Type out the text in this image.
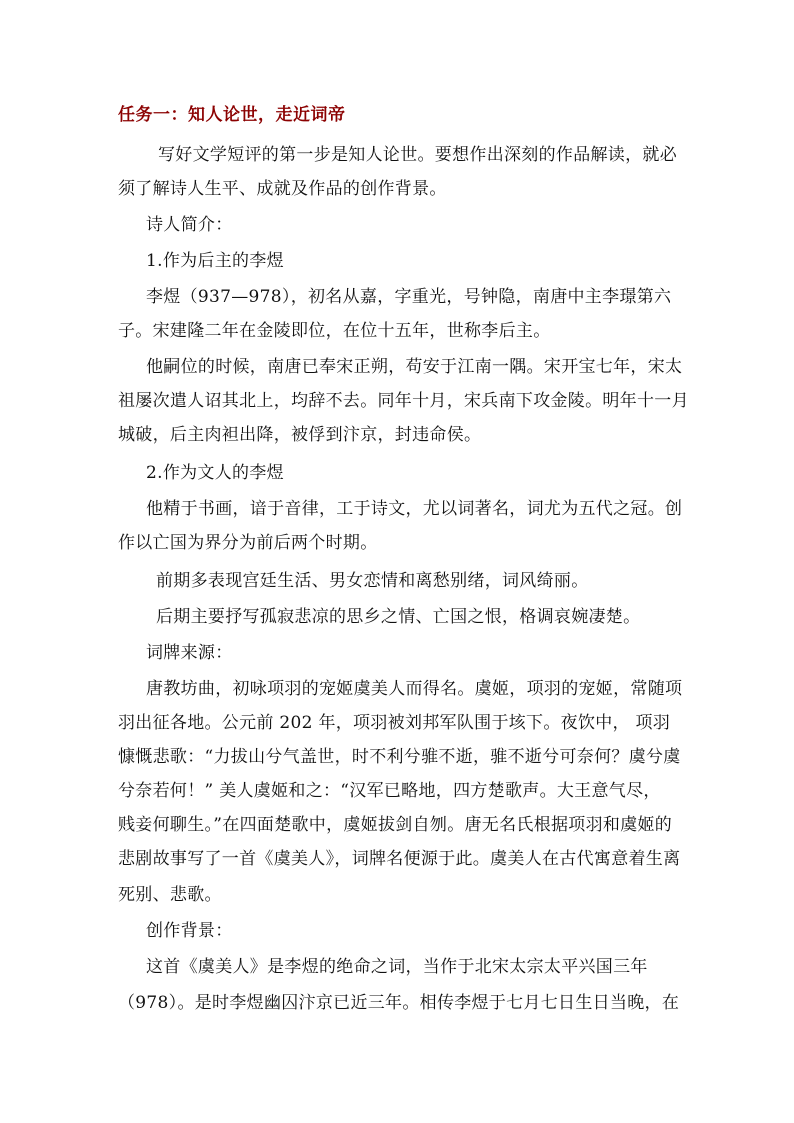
任务一：知人论世，走近词帝
写好文学短评的第一步是知人论世。要想作出深刻的作品解读，就必
须了解诗人生平、成就及作品的创作背景。
诗人简介：
1.作为后主的李煜
李煜（937—978），初名从嘉，字重光，号钟隐，南唐中主李璟第六
子。宋建隆二年在金陵即位，在位十五年，世称李后主。
他嗣位的时候，南唐已奉宋正朔，苟安于江南一隅。宋开宝七年，宋太
祖屡次遣人诏其北上，均辞不去。同年十月，宋兵南下攻金陵。明年十一月
城破，后主肉袒出降，被俘到汴京，封违命侯。
2.作为文人的李煜
他精于书画，谙于音律，工于诗文，尤以词著名，词尤为五代之冠。创
作以亡国为界分为前后两个时期。
前期多表现宫廷生活、男女恋情和离愁别绪，词风绮丽。
后期主要抒写孤寂悲凉的思乡之情、亡国之恨，格调哀婉凄楚。
词牌来源：
唐教坊曲，初咏项羽的宠姬虞美人而得名。虞姬，项羽的宠姬，常随项
羽出征各地。公元前 202 年，项羽被刘邦军队围于垓下。夜饮中， 项羽
慷慨悲歌：“力拔山兮气盖世，时不利兮骓不逝，骓不逝兮可奈何？虞兮虞
兮奈若何！” 美人虞姬和之：“汉军已略地，四方楚歌声。大王意气尽，
贱妾何聊生。”在四面楚歌中，虞姬拔剑自刎。唐无名氏根据项羽和虞姬的
悲剧故事写了一首《虞美人》，词牌名便源于此。虞美人在古代寓意着生离
死别、悲歌。
创作背景：
这首《虞美人》是李煜的绝命之词，当作于北宋太宗太平兴国三年
（978）。是时李煜幽囚汴京已近三年。相传李煜于七月七日生日当晚，在
